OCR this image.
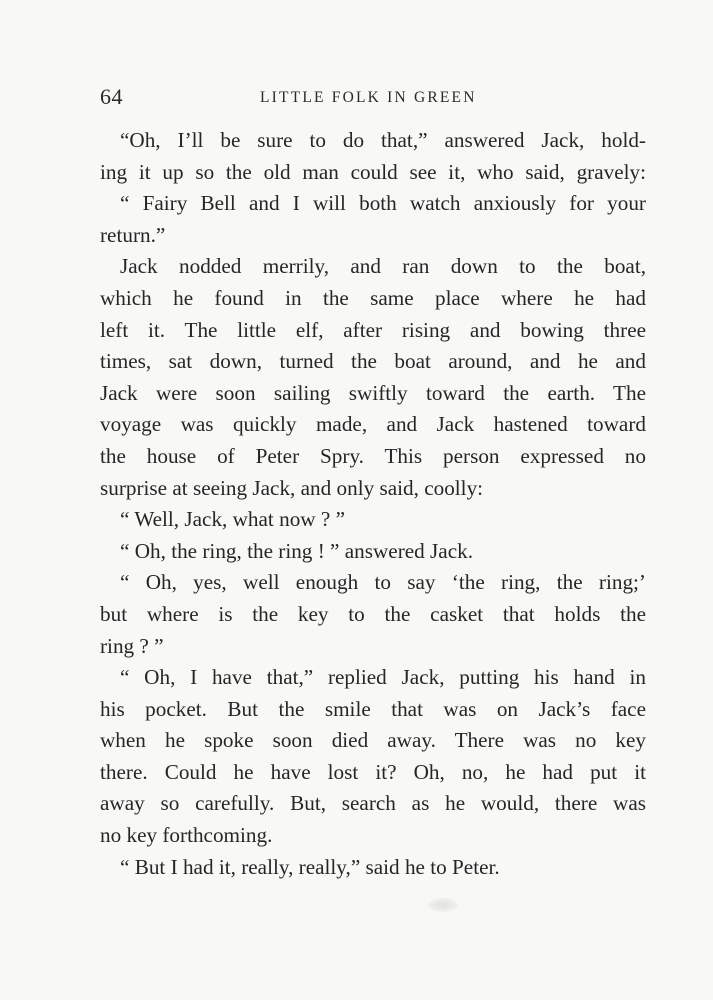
64	LITTLE FOLK IN GREEN
“Oh, I’ll be sure to do that,” answered Jack, hold-
ing it up so the old man could see it, who said, gravely:
“ Fairy Bell and I will both watch anxiously for your
return.”
Jack nodded merrily, and ran down to the boat,
which he found in the same place where he had
left it. The little elf, after rising and bowing three
times, sat down, turned the boat around, and he and
Jack were soon sailing swiftly toward the earth. The
voyage was quickly made, and Jack hastened toward
the house of Peter Spry. This person expressed no
surprise at seeing Jack, and only said, coolly:
“ Well, Jack, what now ? ”
“ Oh, the ring, the ring ! ” answered Jack.
“ Oh, yes, well enough to say ‘the ring, the ring;’
but where is the key to the casket that holds the
ring ? ”
“ Oh, I have that,” replied Jack, putting his hand in
his pocket. But the smile that was on Jack’s face
when he spoke soon died away. There was no key
there. Could he have lost it? Oh, no, he had put it
away so carefully. But, search as he would, there was
no key forthcoming.
“ But I had it, really, really,” said he to Peter.
